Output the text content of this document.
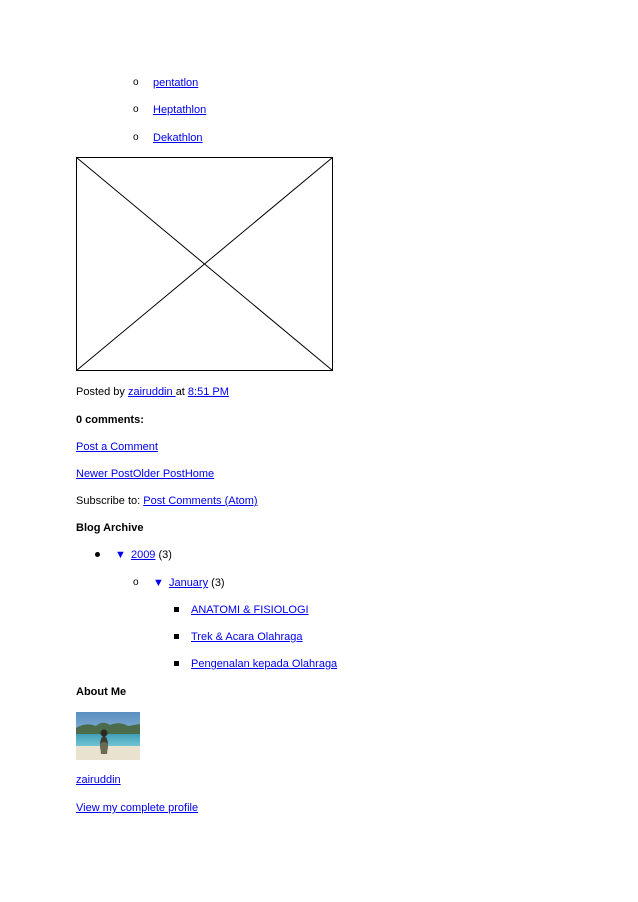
o pentatlon
o Heptathlon
o Dekathlon
Posted by zairuddin at 8:51 PM
0 comments:
Post a Comment
Newer PostOlder PostHome
Subscribe to: Post Comments (Atom)
Blog Archive
▼ 2009 (3)
o ▼ January (3)
ANATOMI & FISIOLOGI
Trek & Acara Olahraga
Pengenalan kepada Olahraga
About Me
zairuddin
View my complete profile
